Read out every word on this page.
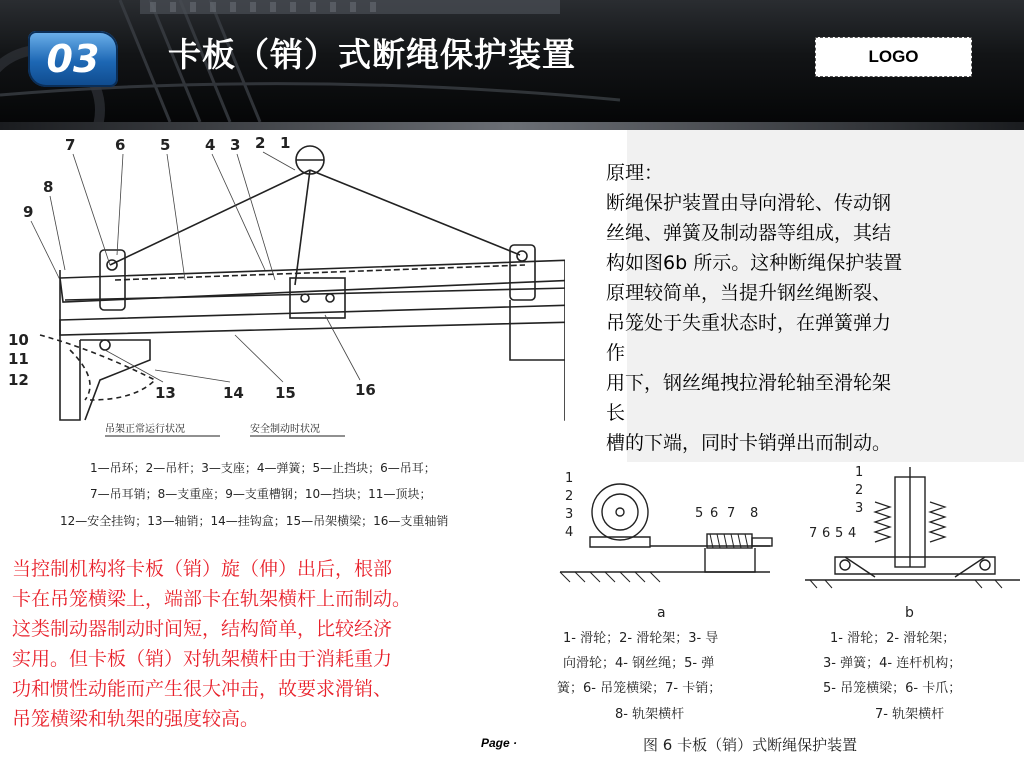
03	卡板（销）式断绳保护装置	LOGO
7	6 5 4 3 2 1
8
9
10
11
12
13	14 15	16
吊架正常运行状况	安全制动时状况
1—吊环；2—吊杆；3—支座；4—弹簧；5—止挡块；6—吊耳；
7—吊耳销；8—支重座；9—支重槽钢；10—挡块；11—顶块；
12—安全挂钩；13—轴销；14—挂钩盒；15—吊架横梁；16—支重轴销

原理：

断绳保护装置由导向滑轮、传动钢

丝绳、弹簧及制动器等组成，其结

构如图6b 所示。这种断绳保护装置

原理较简单，当提升钢丝绳断裂、

吊笼处于失重状态时，在弹簧弹力

作

用下，钢丝绳拽拉滑轮轴至滑轮架

长

槽的下端，同时卡销弹出而制动。

1
2
3
4
5 6 7 8
a
1- 滑轮；2- 滑轮架；3- 导
向滑轮；4- 钢丝绳；5- 弹
簧；6- 吊笼横梁；7- 卡销；
8- 轨架横杆
1
2
3
4
5
6
7
b
1- 滑轮；2- 滑轮架；
3- 弹簧；4- 连杆机构；
5- 吊笼横梁；6- 卡爪；
7- 轨架横杆
图 6 卡板（销）式断绳保护装置
当控制机构将卡板（销）旋（伸）出后，根部
卡在吊笼横梁上，端部卡在轨架横杆上而制动。
这类制动器制动时间短，结构简单，比较经济
实用。但卡板（销）对轨架横杆由于消耗重力
功和惯性动能而产生很大冲击，故要求滑销、
吊笼横梁和轨架的强度较高。
Page ·
